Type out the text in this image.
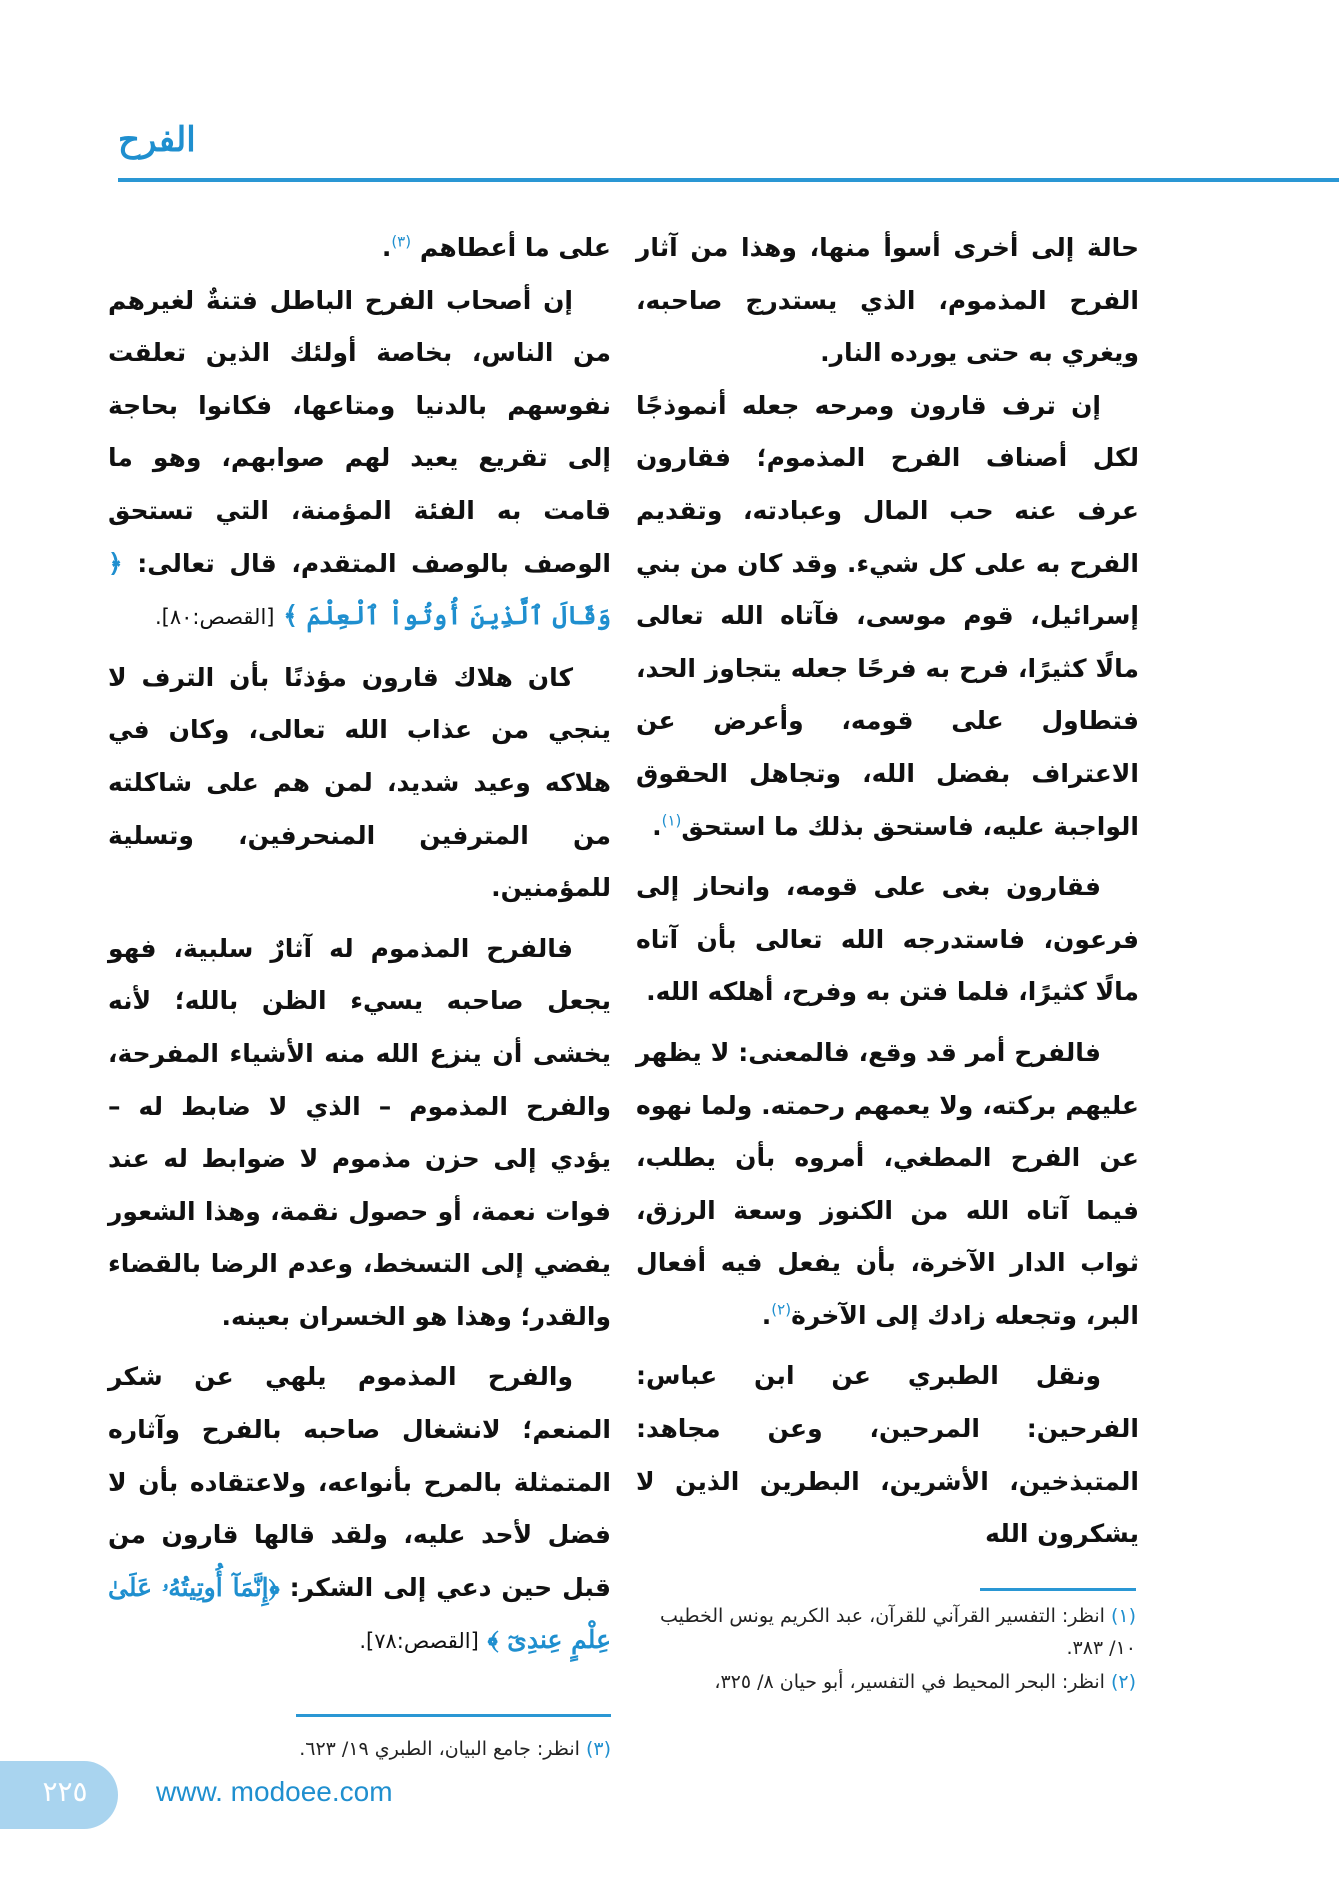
الفرح

حالة إلى أخرى أسوأ منها، وهذا من آثار الفرح المذموم، الذي يستدرج صاحبه، ويغري به حتى يورده النار.

إن ترف قارون ومرحه جعله أنموذجًا لكل أصناف الفرح المذموم؛ فقارون عرف عنه حب المال وعبادته، وتقديم الفرح به على كل شيء. وقد كان من بني إسرائيل، قوم موسى، فآتاه الله تعالى مالًا كثيرًا، فرح به فرحًا جعله يتجاوز الحد، فتطاول على قومه، وأعرض عن الاعتراف بفضل الله، وتجاهل الحقوق الواجبة عليه، فاستحق بذلك ما استحق$^{(١)}$.

فقارون بغى على قومه، وانحاز إلى فرعون، فاستدرجه الله تعالى بأن آتاه مالًا كثيرًا، فلما فتن به وفرح، أهلكه الله.

فالفرح أمر قد وقع، فالمعنى: لا يظهر عليهم بركته، ولا يعمهم رحمته. ولما نهوه عن الفرح المطغي، أمروه بأن يطلب، فيما آتاه الله من الكنوز وسعة الرزق، ثواب الدار الآخرة، بأن يفعل فيه أفعال البر، وتجعله زادك إلى الآخرة$^{(٢)}$.

ونقل الطبري عن ابن عباس: الفرحين: المرحين، وعن مجاهد: المتبذخين، الأشرين، البطرين الذين لا يشكرون الله

على ما أعطاهم $^{(٣)}$.

إن أصحاب الفرح الباطل فتنةٌ لغيرهم من الناس، بخاصة أولئك الذين تعلقت نفوسهم بالدنيا ومتاعها، فكانوا بحاجة إلى تقريع يعيد لهم صوابهم، وهو ما قامت به الفئة المؤمنة، التي تستحق الوصف بالوصف المتقدم، قال تعالى: ﴿ وَقَالَ ٱلَّذِينَ أُوتُواْ ٱلْعِلْمَ ﴾ [القصص:٨٠].

كان هلاك قارون مؤذنًا بأن الترف لا ينجي من عذاب الله تعالى، وكان في هلاكه وعيد شديد، لمن هم على شاكلته من المترفين المنحرفين، وتسلية للمؤمنين.

فالفرح المذموم له آثارٌ سلبية، فهو يجعل صاحبه يسيء الظن بالله؛ لأنه يخشى أن ينزع الله منه الأشياء المفرحة، والفرح المذموم – الذي لا ضابط له – يؤدي إلى حزن مذموم لا ضوابط له عند فوات نعمة، أو حصول نقمة، وهذا الشعور يفضي إلى التسخط، وعدم الرضا بالقضاء والقدر؛ وهذا هو الخسران بعينه.

والفرح المذموم يلهي عن شكر المنعم؛ لانشغال صاحبه بالفرح وآثاره المتمثلة بالمرح بأنواعه، ولاعتقاده بأن لا فضل لأحد عليه، ولقد قالها قارون من قبل حين دعي إلى الشكر: ﴿إِنَّمَآ أُوتِيتُهُۥ عَلَىٰ عِلْمٍ عِندِىٓ ﴾ [القصص:٧٨].

(١)انظر: التفسير القرآني للقرآن، عبد الكريم يونس الخطيب ١٠/ ٣٨٣.
(٢)انظر: البحر المحيط في التفسير، أبو حيان ٨/ ٣٢٥،
(٣)انظر: جامع البيان، الطبري ١٩/ ٦٢٣.
٢٢٥	www. modoee.com
